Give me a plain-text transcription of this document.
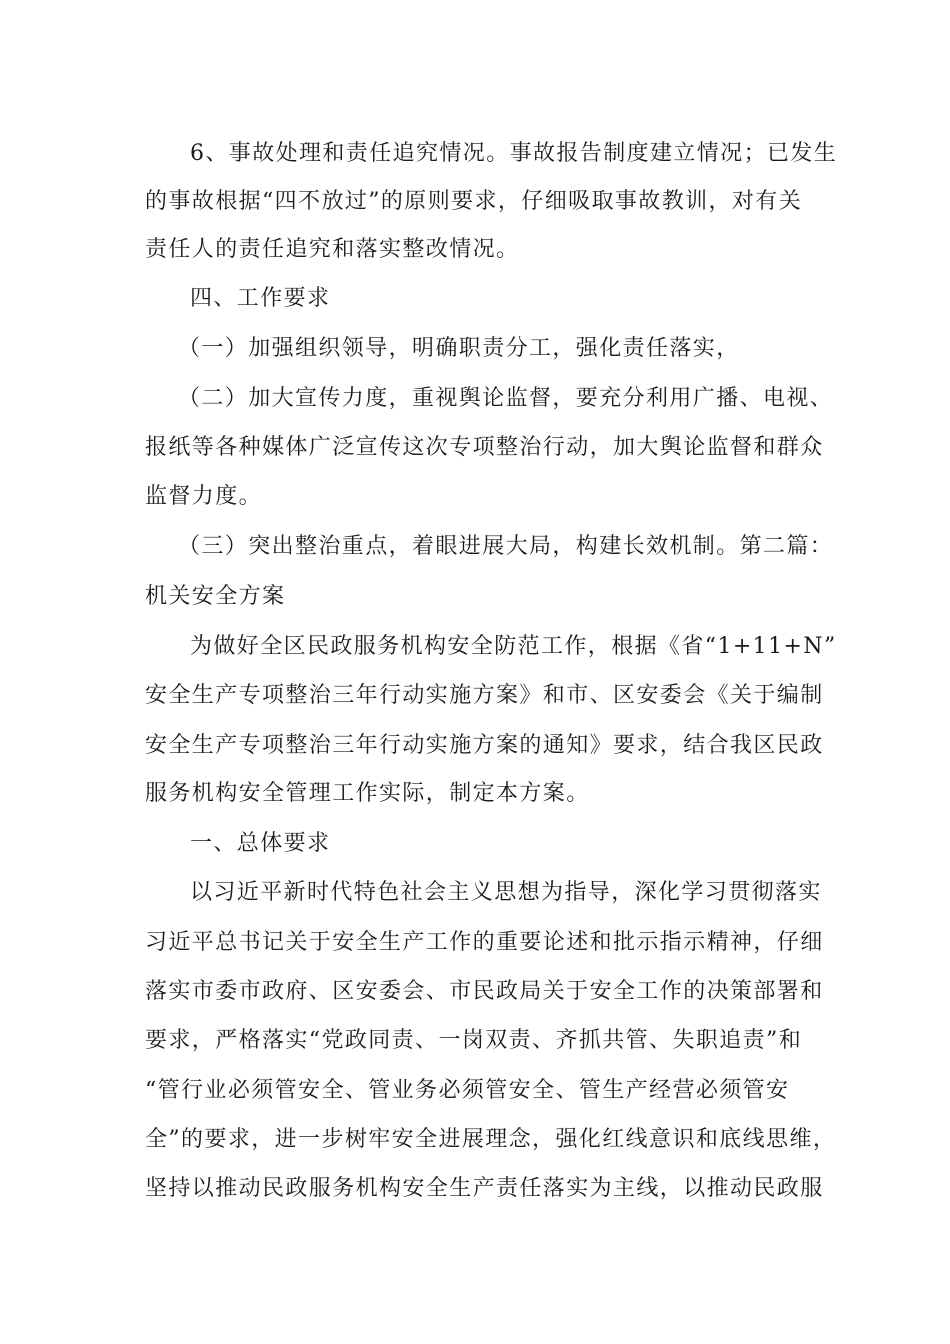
6、事故处理和责任追究情况。事故报告制度建立情况；已发生
的事故根据“四不放过”的原则要求，仔细吸取事故教训，对有关
责任人的责任追究和落实整改情况。
四、工作要求
（一）加强组织领导，明确职责分工，强化责任落实，
（二）加大宣传力度，重视舆论监督，要充分利用广播、电视、
报纸等各种媒体广泛宣传这次专项整治行动，加大舆论监督和群众
监督力度。
（三）突出整治重点，着眼进展大局，构建长效机制。第二篇：
机关安全方案
为做好全区民政服务机构安全防范工作，根据《省“1+11+N”
安全生产专项整治三年行动实施方案》和市、区安委会《关于编制
安全生产专项整治三年行动实施方案的通知》要求，结合我区民政
服务机构安全管理工作实际，制定本方案。
一、总体要求
以习近平新时代特色社会主义思想为指导，深化学习贯彻落实
习近平总书记关于安全生产工作的重要论述和批示指示精神，仔细
落实市委市政府、区安委会、市民政局关于安全工作的决策部署和
要求，严格落实“党政同责、一岗双责、齐抓共管、失职追责”和
“管行业必须管安全、管业务必须管安全、管生产经营必须管安
全”的要求，进一步树牢安全进展理念，强化红线意识和底线思维，
坚持以推动民政服务机构安全生产责任落实为主线，以推动民政服
